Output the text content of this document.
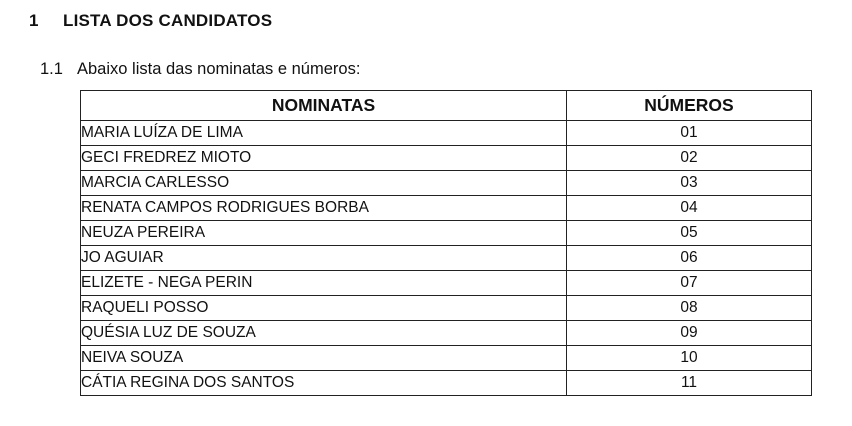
1 LISTA DOS CANDIDATOS
1.1 Abaixo lista das nominatas e números:
NOMINATAS	NÚMEROS
MARIA LUÍZA DE LIMA	01
GECI FREDREZ MIOTO	02
MARCIA CARLESSO	03
RENATA CAMPOS RODRIGUES BORBA	04
NEUZA PEREIRA	05
JO AGUIAR	06
ELIZETE - NEGA PERIN	07
RAQUELI POSSO	08
QUÉSIA LUZ DE SOUZA	09
NEIVA SOUZA	10
CÁTIA REGINA DOS SANTOS	11
